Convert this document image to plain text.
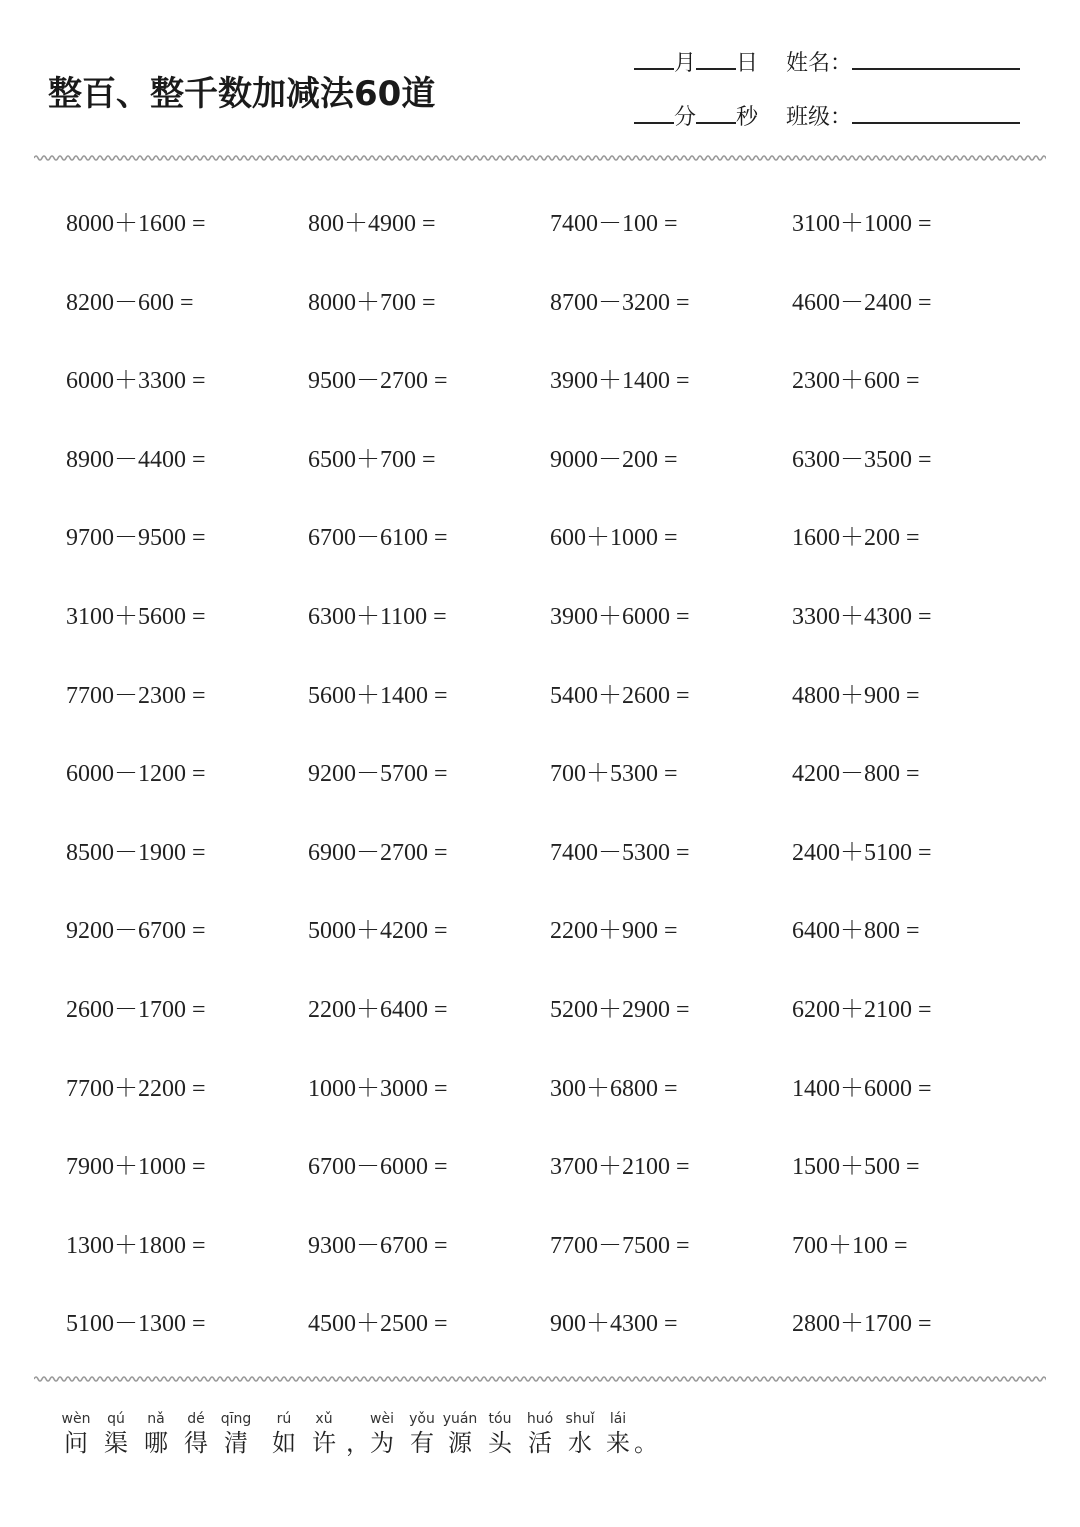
整百、整千数加减法60道
月 日 姓名：
分 秒 班级：
8000＋1600 =	800＋4900 =	7400－100 =	3100＋1000 =
8200－600 =	8000＋700 =	8700－3200 =	4600－2400 =
6000＋3300 =	9500－2700 =	3900＋1400 =	2300＋600 =
8900－4400 =	6500＋700 =	9000－200 =	6300－3500 =
9700－9500 =	6700－6100 =	600＋1000 =	1600＋200 =
3100＋5600 =	6300＋1100 =	3900＋6000 =	3300＋4300 =
7700－2300 =	5600＋1400 =	5400＋2600 =	4800＋900 =
6000－1200 =	9200－5700 =	700＋5300 =	4200－800 =
8500－1900 =	6900－2700 =	7400－5300 =	2400＋5100 =
9200－6700 =	5000＋4200 =	2200＋900 =	6400＋800 =
2600－1700 =	2200＋6400 =	5200＋2900 =	6200＋2100 =
7700＋2200 =	1000＋3000 =	300＋6800 =	1400＋6000 =
7900＋1000 =	6700－6000 =	3700＋2100 =	1500＋500 =
1300＋1800 =	9300－6700 =	7700－7500 =	700＋100 =
5100－1300 =	4500＋2500 =	900＋4300 =	2800＋1700 =
wèn
问
qú
渠
nǎ
哪
dé
得
qīng
清
rú
如
xǔ
许
，
wèi
为
yǒu
有
yuán
源
tóu
头
huó
活
shuǐ
水
lái
来
。
